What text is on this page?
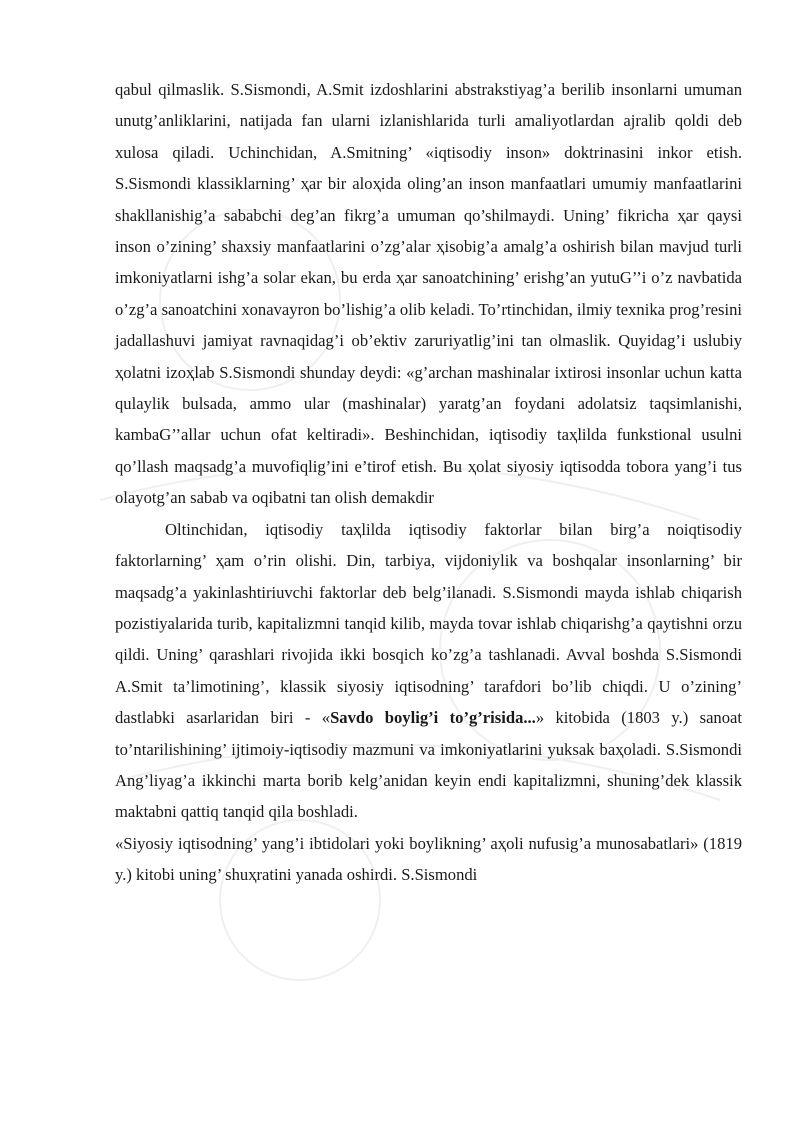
qabul qilmaslik. S.Sismondi, A.Smit izdoshlarini abstrakstiyag’a berilib insonlarni umuman unutg’anliklarini, natijada fan ularni izlanishlarida turli amaliyotlardan ajralib qoldi deb xulosa qiladi. Uchinchidan, A.Smitning’ «iqtisodiy inson» doktrinasini inkor etish. S.Sismondi klassiklarning’ ҳar bir aloҳida oling’an inson manfaatlari umumiy manfaatlarini shakllanishig’a sababchi deg’an fikrg’a umuman qo’shilmaydi. Uning’ fikricha ҳar qaysi inson o’zining’ shaxsiy manfaatlarini o’zg’alar ҳisobig’a amalg’a oshirish bilan mavjud turli imkoniyatlarni ishg’a solar ekan, bu erda ҳar sanoatchining’ erishg’an yutuG’’i o’z navbatida o’zg’a sanoatchini xonavayron bo’lishig’a olib keladi. To’rtinchidan, ilmiy texnika prog’resini jadallashuvi jamiyat ravnaqidag’i ob’ektiv zaruriyatlig’ini tan olmaslik. Quyidag’i uslubiy ҳolatni izoҳlab S.Sismondi shunday deydi: «g’archan mashinalar ixtirosi insonlar uchun katta qulaylik bulsada, ammo ular (mashinalar) yaratg’an foydani adolatsiz taqsimlanishi, kambaG’’allar uchun ofat keltiradi». Beshinchidan, iqtisodiy taҳlilda funkstional usulni qo’llash maqsadg’a muvofiqlig’ini e’tirof etish. Bu ҳolat siyosiy iqtisodda tobora yang’i tus olayotg’an sabab va oqibatni tan olish demakdir

Oltinchidan, iqtisodiy taҳlilda iqtisodiy faktorlar bilan birg’a noiqtisodiy faktorlarning’ ҳam o’rin olishi. Din, tarbiya, vijdoniylik va boshqalar insonlarning’ bir maqsadg’a yakinlashtiriuvchi faktorlar deb belg’ilanadi. S.Sismondi mayda ishlab chiqarish pozistiyalarida turib, kapitalizmni tanqid kilib, mayda tovar ishlab chiqarishg’a qaytishni orzu qildi. Uning’ qarashlari rivojida ikki bosqich ko’zg’a tashlanadi. Avval boshda S.Sismondi A.Smit ta’limotining’, klassik siyosiy iqtisodning’ tarafdori bo’lib chiqdi. U o’zining’ dastlabki asarlaridan biri - «Savdo boylig’i to’g’risida...» kitobida (1803 y.) sanoat to’ntarilishining’ ijtimoiy-iqtisodiy mazmuni va imkoniyatlarini yuksak baҳoladi. S.Sismondi Ang’liyag’a ikkinchi marta borib kelg’anidan keyin endi kapitalizmni, shuning’dek klassik maktabni qattiq tanqid qila boshladi.

«Siyosiy iqtisodning’ yang’i ibtidolari yoki boylikning’ aҳoli nufusig’a munosabatlari» (1819 y.) kitobi uning’ shuҳratini yanada oshirdi. S.Sismondi
